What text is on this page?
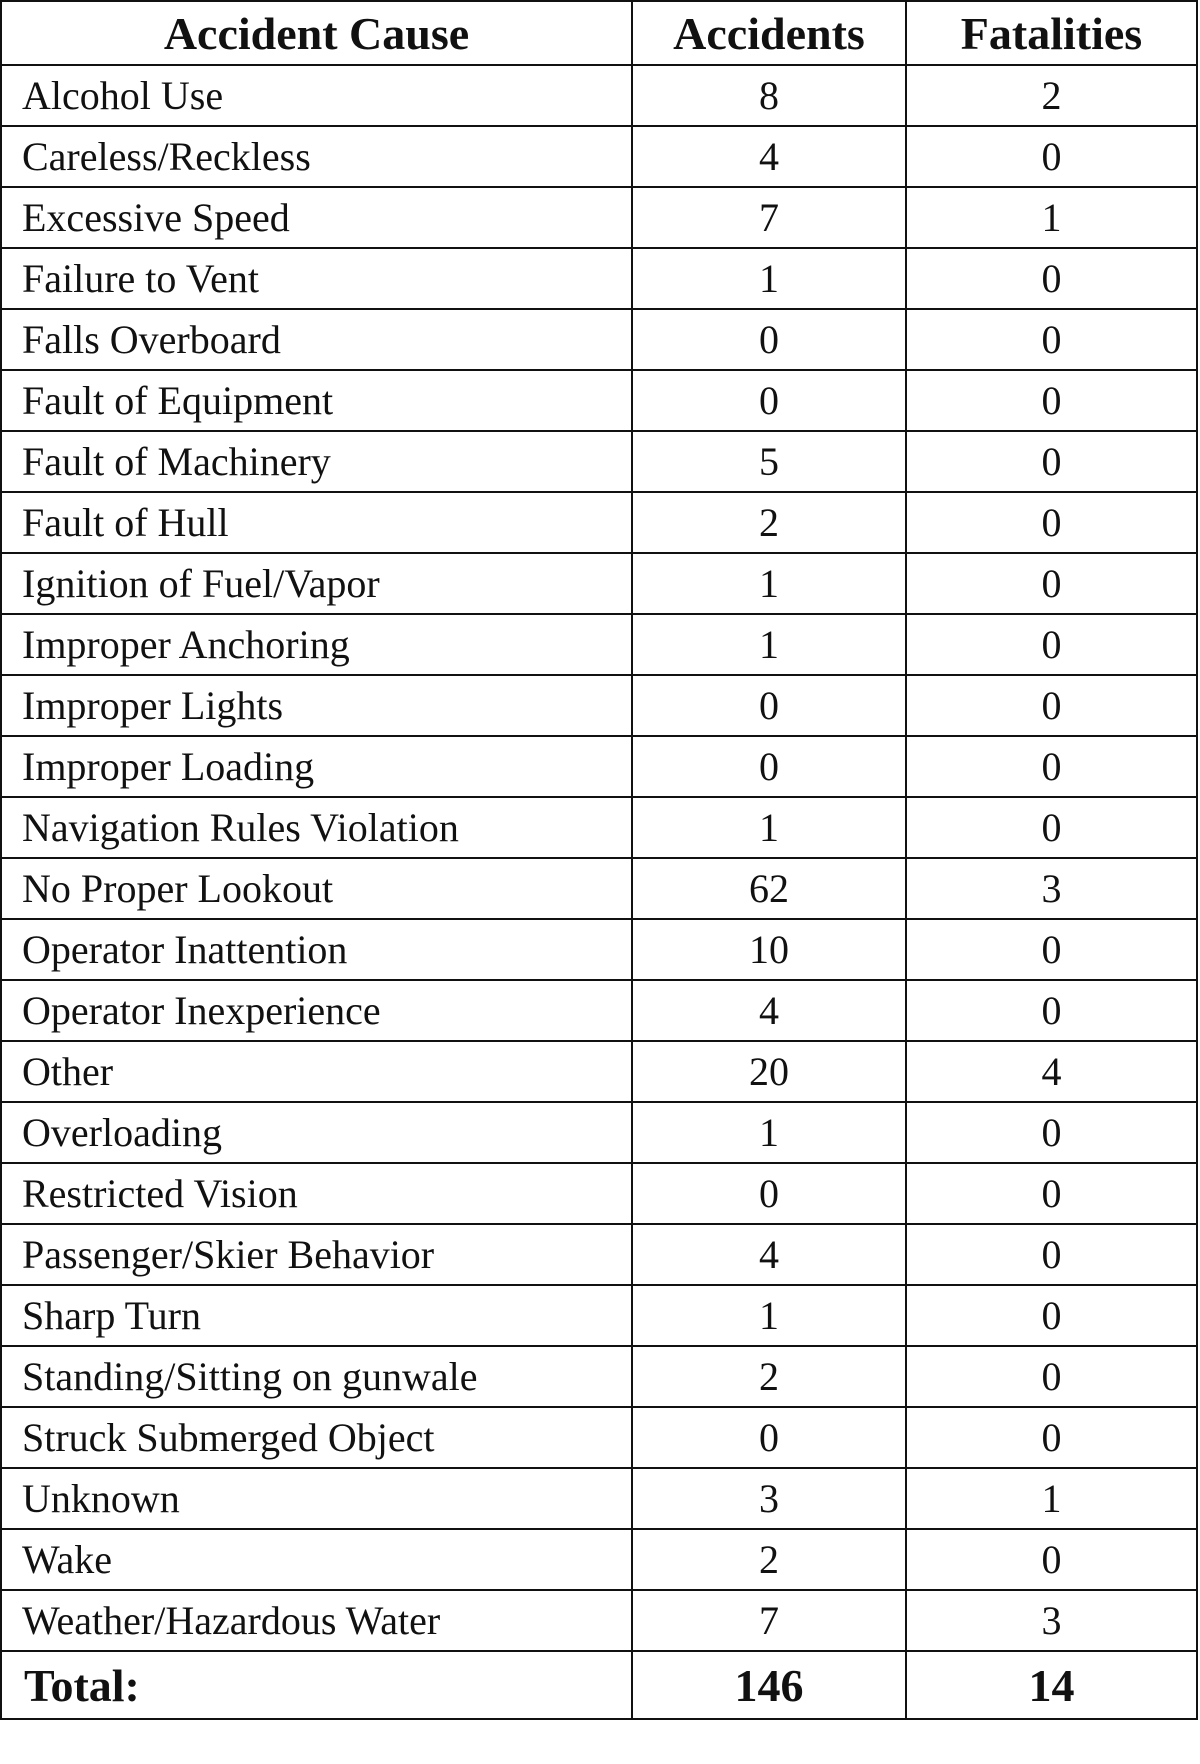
Accident Cause	Accidents	Fatalities
Alcohol Use	8	2
Careless/Reckless	4	0
Excessive Speed	7	1
Failure to Vent	1	0
Falls Overboard	0	0
Fault of Equipment	0	0
Fault of Machinery	5	0
Fault of Hull	2	0
Ignition of Fuel/Vapor	1	0
Improper Anchoring	1	0
Improper Lights	0	0
Improper Loading	0	0
Navigation Rules Violation	1	0
No Proper Lookout	62	3
Operator Inattention	10	0
Operator Inexperience	4	0
Other	20	4
Overloading	1	0
Restricted Vision	0	0
Passenger/Skier Behavior	4	0
Sharp Turn	1	0
Standing/Sitting on gunwale	2	0
Struck Submerged Object	0	0
Unknown	3	1
Wake	2	0
Weather/Hazardous Water	7	3
Total:	146	14
